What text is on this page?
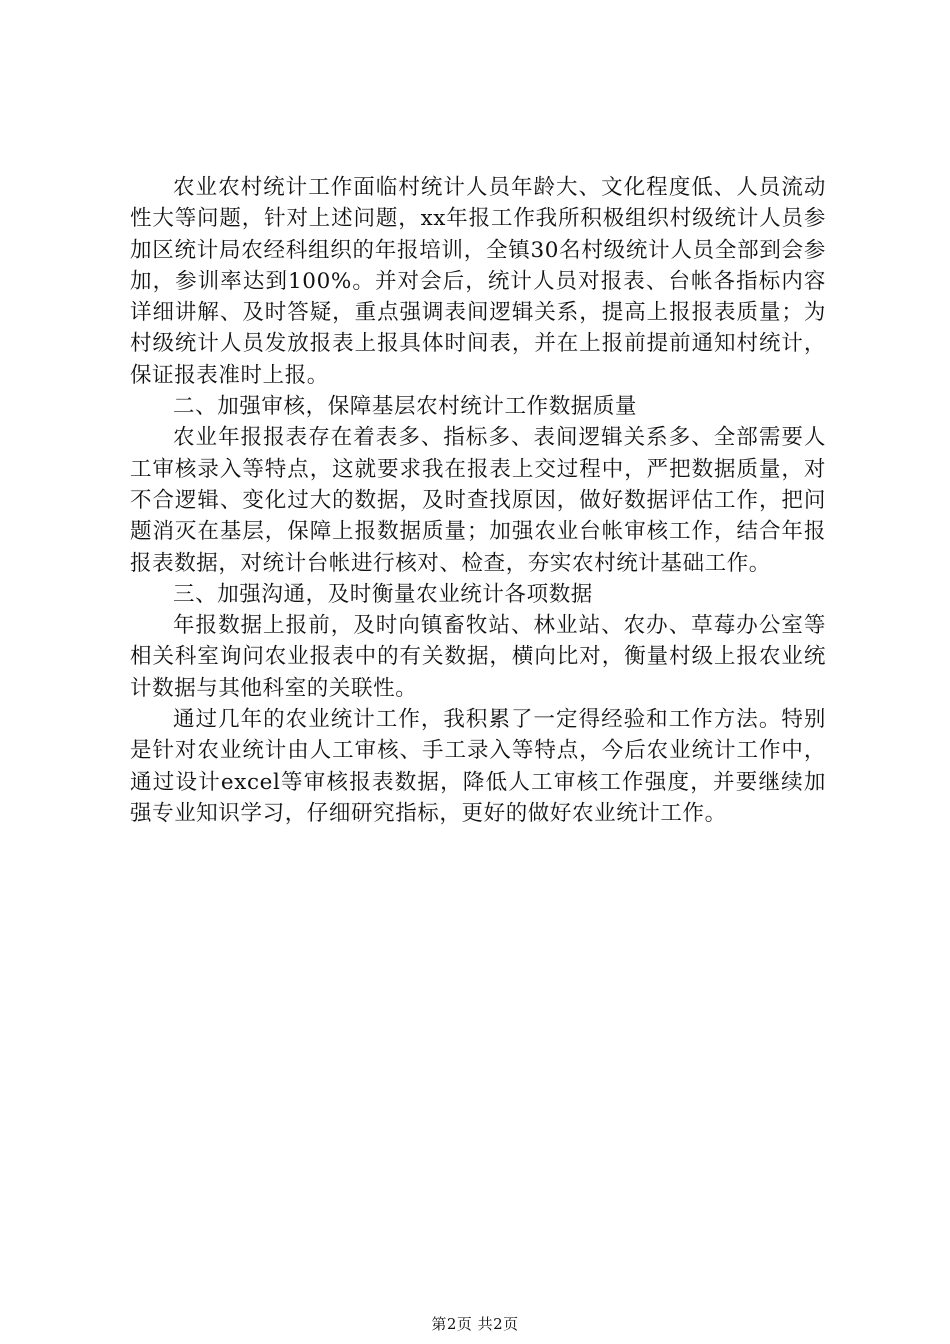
农业农村统计工作面临村统计人员年龄大、文化程度低、人员流动性大等问题，针对上述问题，xx年报工作我所积极组织村级统计人员参加区统计局农经科组织的年报培训，全镇30名村级统计人员全部到会参加，参训率达到100%。并对会后，统计人员对报表、台帐各指标内容详细讲解、及时答疑，重点强调表间逻辑关系，提高上报报表质量；为村级统计人员发放报表上报具体时间表，并在上报前提前通知村统计，保证报表准时上报。

二、加强审核，保障基层农村统计工作数据质量

农业年报报表存在着表多、指标多、表间逻辑关系多、全部需要人工审核录入等特点，这就要求我在报表上交过程中，严把数据质量，对不合逻辑、变化过大的数据，及时查找原因，做好数据评估工作，把问题消灭在基层，保障上报数据质量；加强农业台帐审核工作，结合年报报表数据，对统计台帐进行核对、检查，夯实农村统计基础工作。

三、加强沟通，及时衡量农业统计各项数据

年报数据上报前，及时向镇畜牧站、林业站、农办、草莓办公室等相关科室询问农业报表中的有关数据，横向比对，衡量村级上报农业统计数据与其他科室的关联性。

通过几年的农业统计工作，我积累了一定得经验和工作方法。特别是针对农业统计由人工审核、手工录入等特点，今后农业统计工作中，通过设计excel等审核报表数据，降低人工审核工作强度，并要继续加强专业知识学习，仔细研究指标，更好的做好农业统计工作。

第2页 共2页
